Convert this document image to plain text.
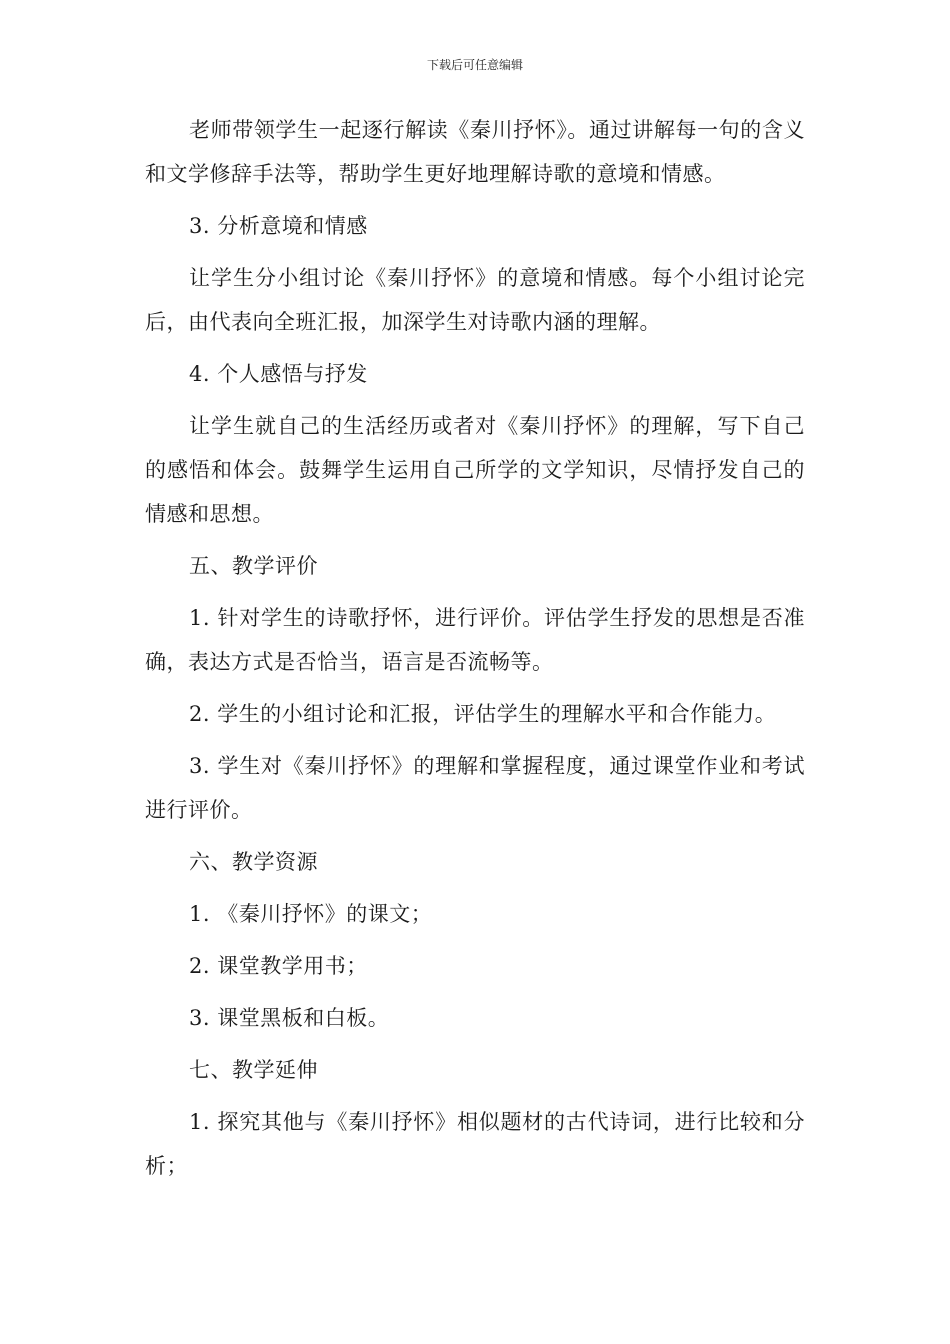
下载后可任意编辑

老师带领学生一起逐行解读《秦川抒怀》。通过讲解每一句的含义和文学修辞手法等，帮助学生更好地理解诗歌的意境和情感。

3. 分析意境和情感

让学生分小组讨论《秦川抒怀》的意境和情感。每个小组讨论完后，由代表向全班汇报，加深学生对诗歌内涵的理解。

4. 个人感悟与抒发

让学生就自己的生活经历或者对《秦川抒怀》的理解，写下自己的感悟和体会。鼓舞学生运用自己所学的文学知识，尽情抒发自己的情感和思想。

五、教学评价

1. 针对学生的诗歌抒怀，进行评价。评估学生抒发的思想是否准确，表达方式是否恰当，语言是否流畅等。

2. 学生的小组讨论和汇报，评估学生的理解水平和合作能力。

3. 学生对《秦川抒怀》的理解和掌握程度，通过课堂作业和考试进行评价。

六、教学资源

1. 《秦川抒怀》的课文；

2. 课堂教学用书；

3. 课堂黑板和白板。

七、教学延伸

1. 探究其他与《秦川抒怀》相似题材的古代诗词，进行比较和分析；
